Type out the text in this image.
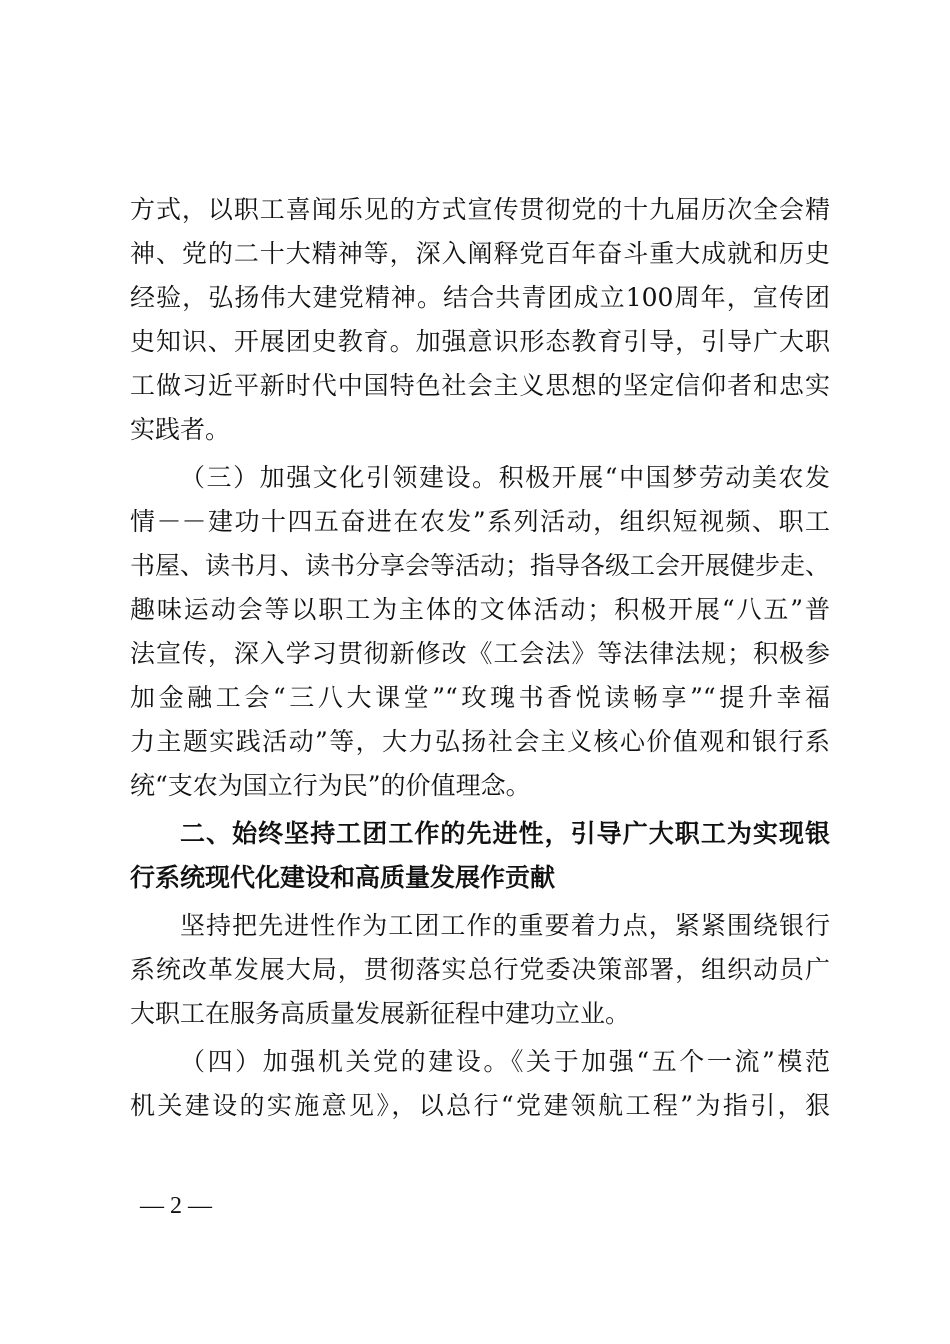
方式，以职工喜闻乐见的方式宣传贯彻党的十九届历次全会精
神、党的二十大精神等，深入阐释党百年奋斗重大成就和历史
经验，弘扬伟大建党精神。结合共青团成立100周年，宣传团
史知识、开展团史教育。加强意识形态教育引导，引导广大职
工做习近平新时代中国特色社会主义思想的坚定信仰者和忠实
实践者。
（三）加强文化引领建设。积极开展“中国梦劳动美农发
情－－建功十四五奋进在农发”系列活动，组织短视频、职工
书屋、读书月、读书分享会等活动；指导各级工会开展健步走、
趣味运动会等以职工为主体的文体活动；积极开展“八五”普
法宣传，深入学习贯彻新修改《工会法》等法律法规；积极参
加金融工会“三八大课堂”“玫瑰书香悦读畅享”“提升幸福
力主题实践活动”等，大力弘扬社会主义核心价值观和银行系
统“支农为国立行为民”的价值理念。
二、始终坚持工团工作的先进性，引导广大职工为实现银
行系统现代化建设和高质量发展作贡献
坚持把先进性作为工团工作的重要着力点，紧紧围绕银行
系统改革发展大局，贯彻落实总行党委决策部署，组织动员广
大职工在服务高质量发展新征程中建功立业。
（四）加强机关党的建设。《关于加强“五个一流”模范
机关建设的实施意见》，以总行“党建领航工程”为指引，狠
— 2 —
